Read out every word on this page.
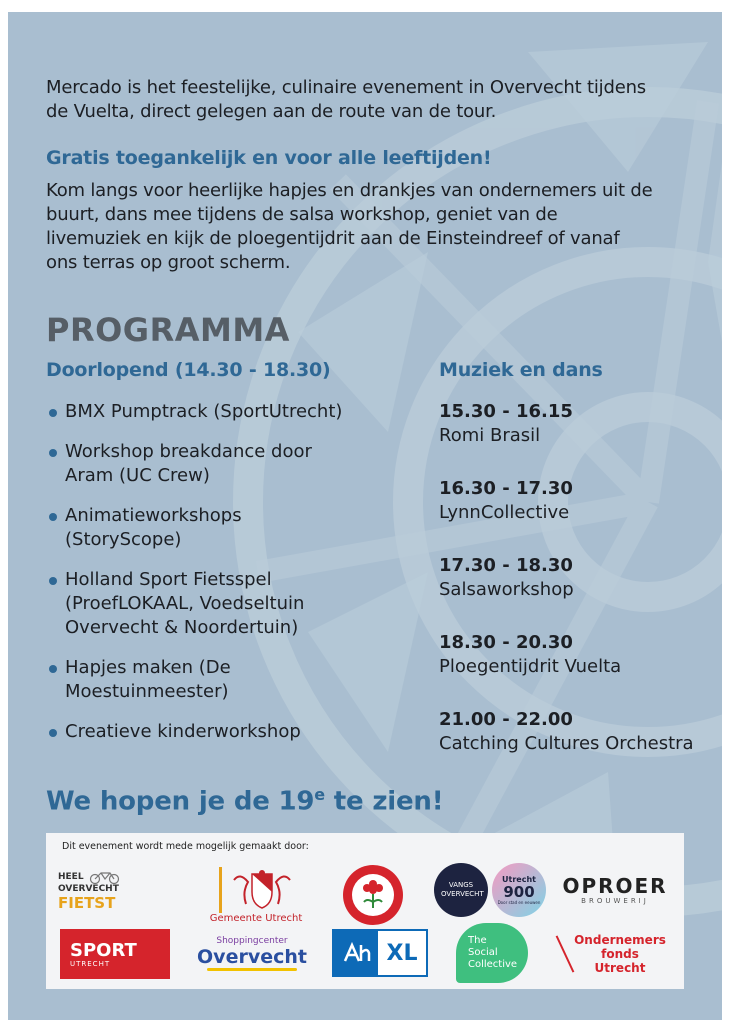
Mercado is het feestelijke, culinaire evenement in Overvecht tijdens de Vuelta, direct gelegen aan de route van de tour.
Gratis toegankelijk en voor alle leeftijden!
Kom langs voor heerlijke hapjes en drankjes van ondernemers uit de buurt, dans mee tijdens de salsa workshop, geniet van de livemuziek en kijk de ploegentijdrit aan de Einsteindreef of vanaf ons terras op groot scherm.
PROGRAMMA
Doorlopend (14.30 - 18.30)	Muziek en dans
BMX Pumptrack (SportUtrecht)
Workshop breakdance door Aram (UC Crew)
Animatieworkshops (StoryScope)
Holland Sport Fietsspel (ProefLOKAAL, Voedseltuin Overvecht & Noordertuin)
Hapjes maken (De Moestuinmeester)
Creatieve kinderworkshop
15.30 - 16.15
Romi Brasil
16.30 - 17.30
LynnCollective
17.30 - 18.30
Salsaworkshop
18.30 - 20.30
Ploegentijdrit Vuelta
21.00 - 22.00
Catching Cultures Orchestra
We hopen je de 19e te zien!
Dit evenement wordt mede mogelijk gemaakt door:
HEEL
OVERVECHT
FIETST
Gemeente Utrecht
VANGS OVERVECHT
Utrecht
900
Door stad en eeuwen
OPROER
BROUWERIJ
SPORT
UTRECHT
Shoppingcenter
Overvecht	XL	The
Social
Collective
Ondernemers
fonds
Utrecht
